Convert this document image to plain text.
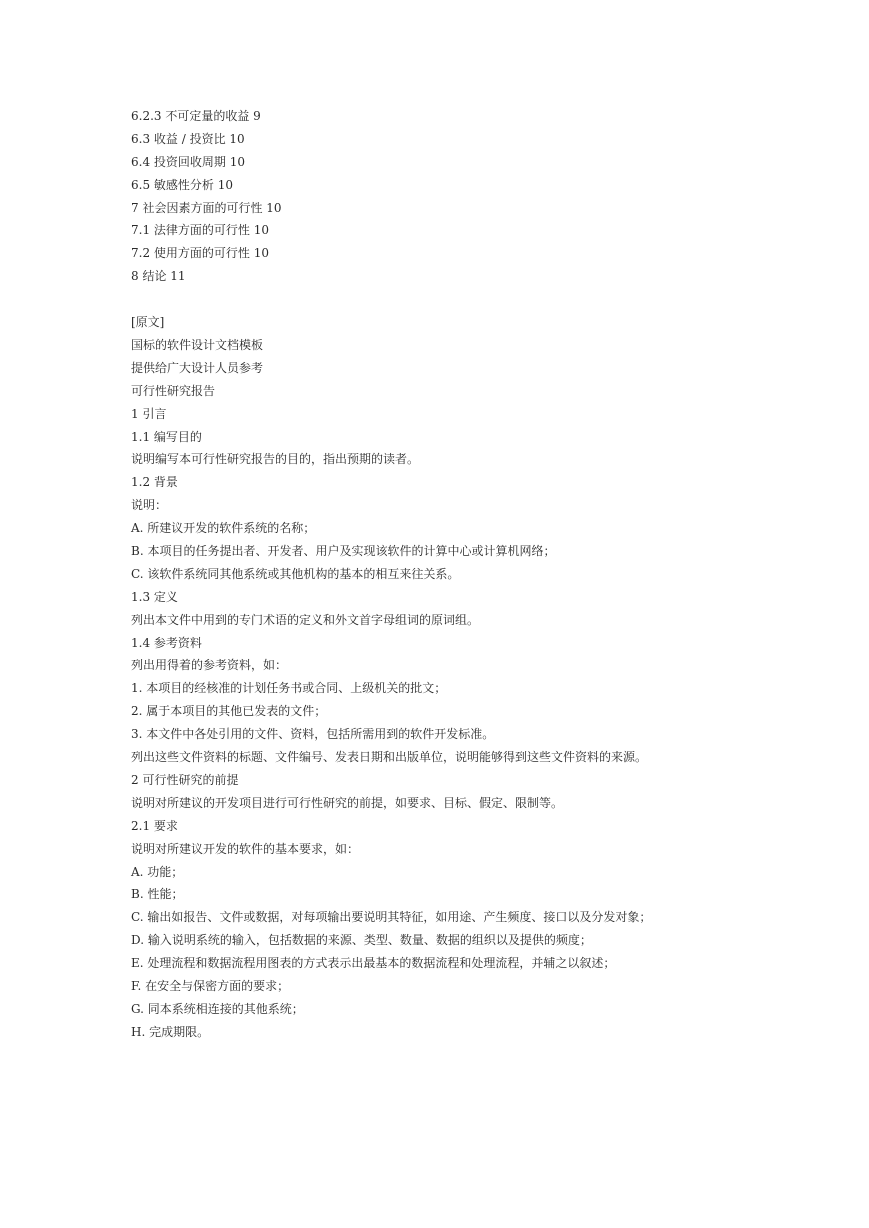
6.2.3 不可定量的收益 9
6.3 收益 / 投资比 10
6.4 投资回收周期 10
6.5 敏感性分析 10
7 社会因素方面的可行性 10
7.1 法律方面的可行性 10
7.2 使用方面的可行性 10
8 结论 11
[原文]
国标的软件设计文档模板
提供给广大设计人员参考
可行性研究报告
1 引言
1.1 编写目的
说明编写本可行性研究报告的目的，指出预期的读者。
1.2 背景
说明：
A. 所建议开发的软件系统的名称；
B. 本项目的任务提出者、开发者、用户及实现该软件的计算中心或计算机网络；
C. 该软件系统同其他系统或其他机构的基本的相互来往关系。
1.3 定义
列出本文件中用到的专门术语的定义和外文首字母组词的原词组。
1.4 参考资料
列出用得着的参考资料，如：
1. 本项目的经核准的计划任务书或合同、上级机关的批文；
2. 属于本项目的其他已发表的文件；
3. 本文件中各处引用的文件、资料，包括所需用到的软件开发标准。
列出这些文件资料的标题、文件编号、发表日期和出版单位，说明能够得到这些文件资料的来源。
2 可行性研究的前提
说明对所建议的开发项目进行可行性研究的前提，如要求、目标、假定、限制等。
2.1 要求
说明对所建议开发的软件的基本要求，如：
A. 功能；
B. 性能；
C. 输出如报告、文件或数据，对每项输出要说明其特征，如用途、产生频度、接口以及分发对象；
D. 输入说明系统的输入，包括数据的来源、类型、数量、数据的组织以及提供的频度；
E. 处理流程和数据流程用图表的方式表示出最基本的数据流程和处理流程，并辅之以叙述；
F. 在安全与保密方面的要求；
G. 同本系统相连接的其他系统；
H. 完成期限。
